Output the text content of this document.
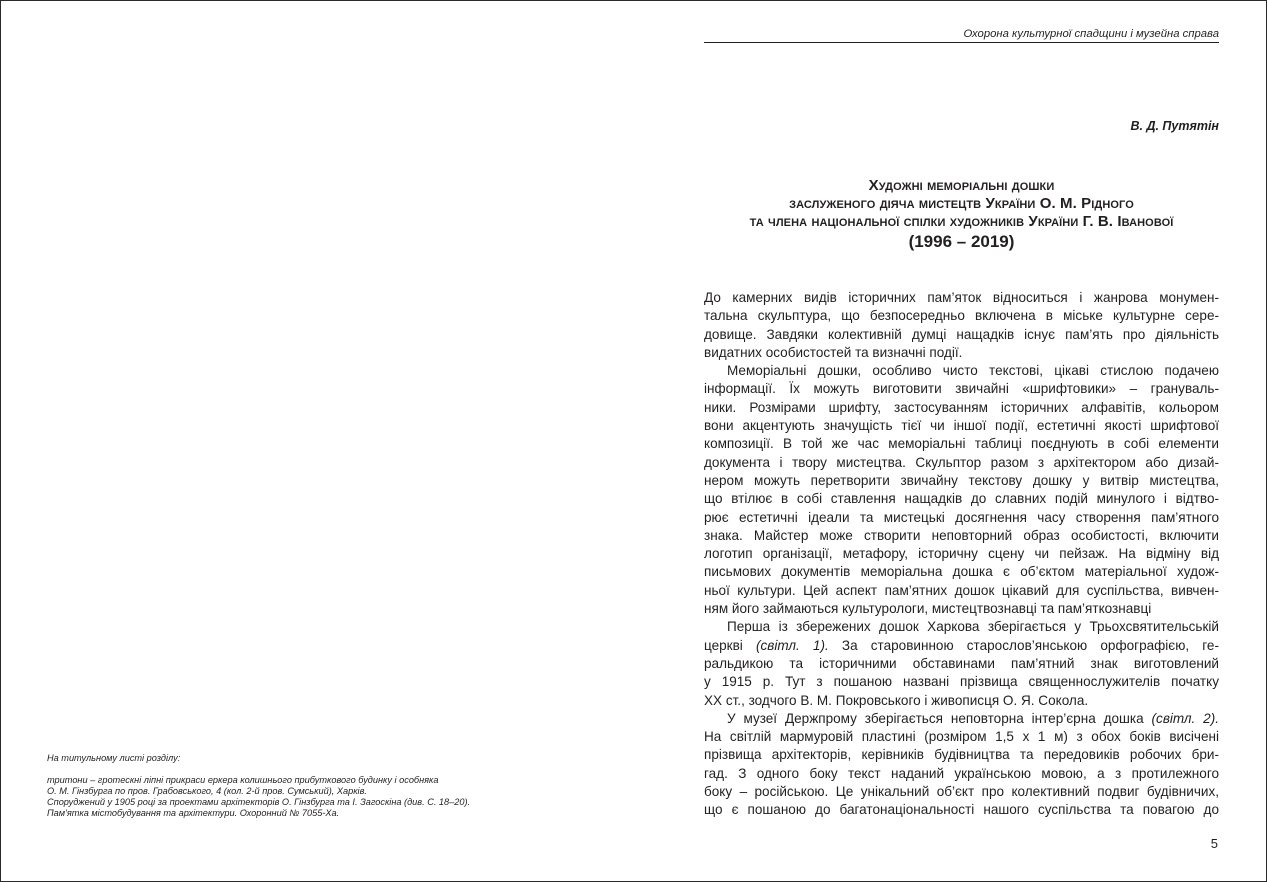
На титульному листі розділу:
тритони – гротескні ліпні прикраси еркера колишнього прибуткового будинку і особняка
О. М. Гінзбурга по пров. Грабовського, 4 (кол. 2-й пров. Сумський), Харків.
Споруджений у 1905 році за проектами архітекторів О. Гінзбурга та І. Загоскіна (див. С. 18–20).
Пам'ятка містобудування та архітектури. Охоронний № 7055-Ха.
Охорона культурної спадщини і музейна справа
В. Д. Путятін
Художні меморіальні дошки
заслуженого діяча мистецтв України О. М. Рідного
та члена національної спілки художників України Г. В. Іванової
(1996 – 2019)
До камерних видів історичних пам’яток відноситься і жанрова монумен-
тальна скульптура, що безпосередньо включена в міське культурне сере-
довище. Завдяки колективній думці нащадків існує пам’ять про діяльність
видатних особистостей та визначні події.
Меморіальні дошки, особливо чисто текстові, цікаві стислою подачею
інформації. Їх можуть виготовити звичайні «шрифтовики» – грануваль-
ники. Розмірами шрифту, застосуванням історичних алфавітів, кольором
вони акцентують значущість тієї чи іншої події, естетичні якості шрифтової
композиції. В той же час меморіальні таблиці поєднують в собі елементи
документа і твору мистецтва. Скульптор разом з архітектором або дизай-
нером можуть перетворити звичайну текстову дошку у витвір мистецтва,
що втілює в собі ставлення нащадків до славних подій минулого і відтво-
рює естетичні ідеали та мистецькі досягнення часу створення пам’ятного
знака. Майстер може створити неповторний образ особистості, включити
логотип організації, метафору, історичну сцену чи пейзаж. На відміну від
письмових документів меморіальна дошка є об’єктом матеріальної худож-
ньої культури. Цей аспект пам’ятних дошок цікавий для суспільства, вивчен-
ням його займаються культурологи, мистецтвознавці та пам’яткознавці
Перша із збережених дошок Харкова зберігається у Трьохсвятительській
церкві (світл. 1). За старовинною старослов’янською орфографією, ге-
ральдикою та історичними обставинами пам’ятний знак виготовлений
у 1915 р. Тут з пошаною названі прізвища священнослужителів початку
ХХ ст., зодчого В. М. Покровського і живописця О. Я. Сокола.
У музеї Держпрому зберігається неповторна інтер’єрна дошка (світл. 2).
На світлій мармуровій пластині (розміром 1,5 х 1 м) з обох боків висічені
прізвища архітекторів, керівників будівництва та передовиків робочих бри-
гад. З одного боку текст наданий українською мовою, а з протилежного
боку – російською. Це унікальний об’єкт про колективний подвиг будівничих,
що є пошаною до багатонаціональності нашого суспільства та повагою до
5
